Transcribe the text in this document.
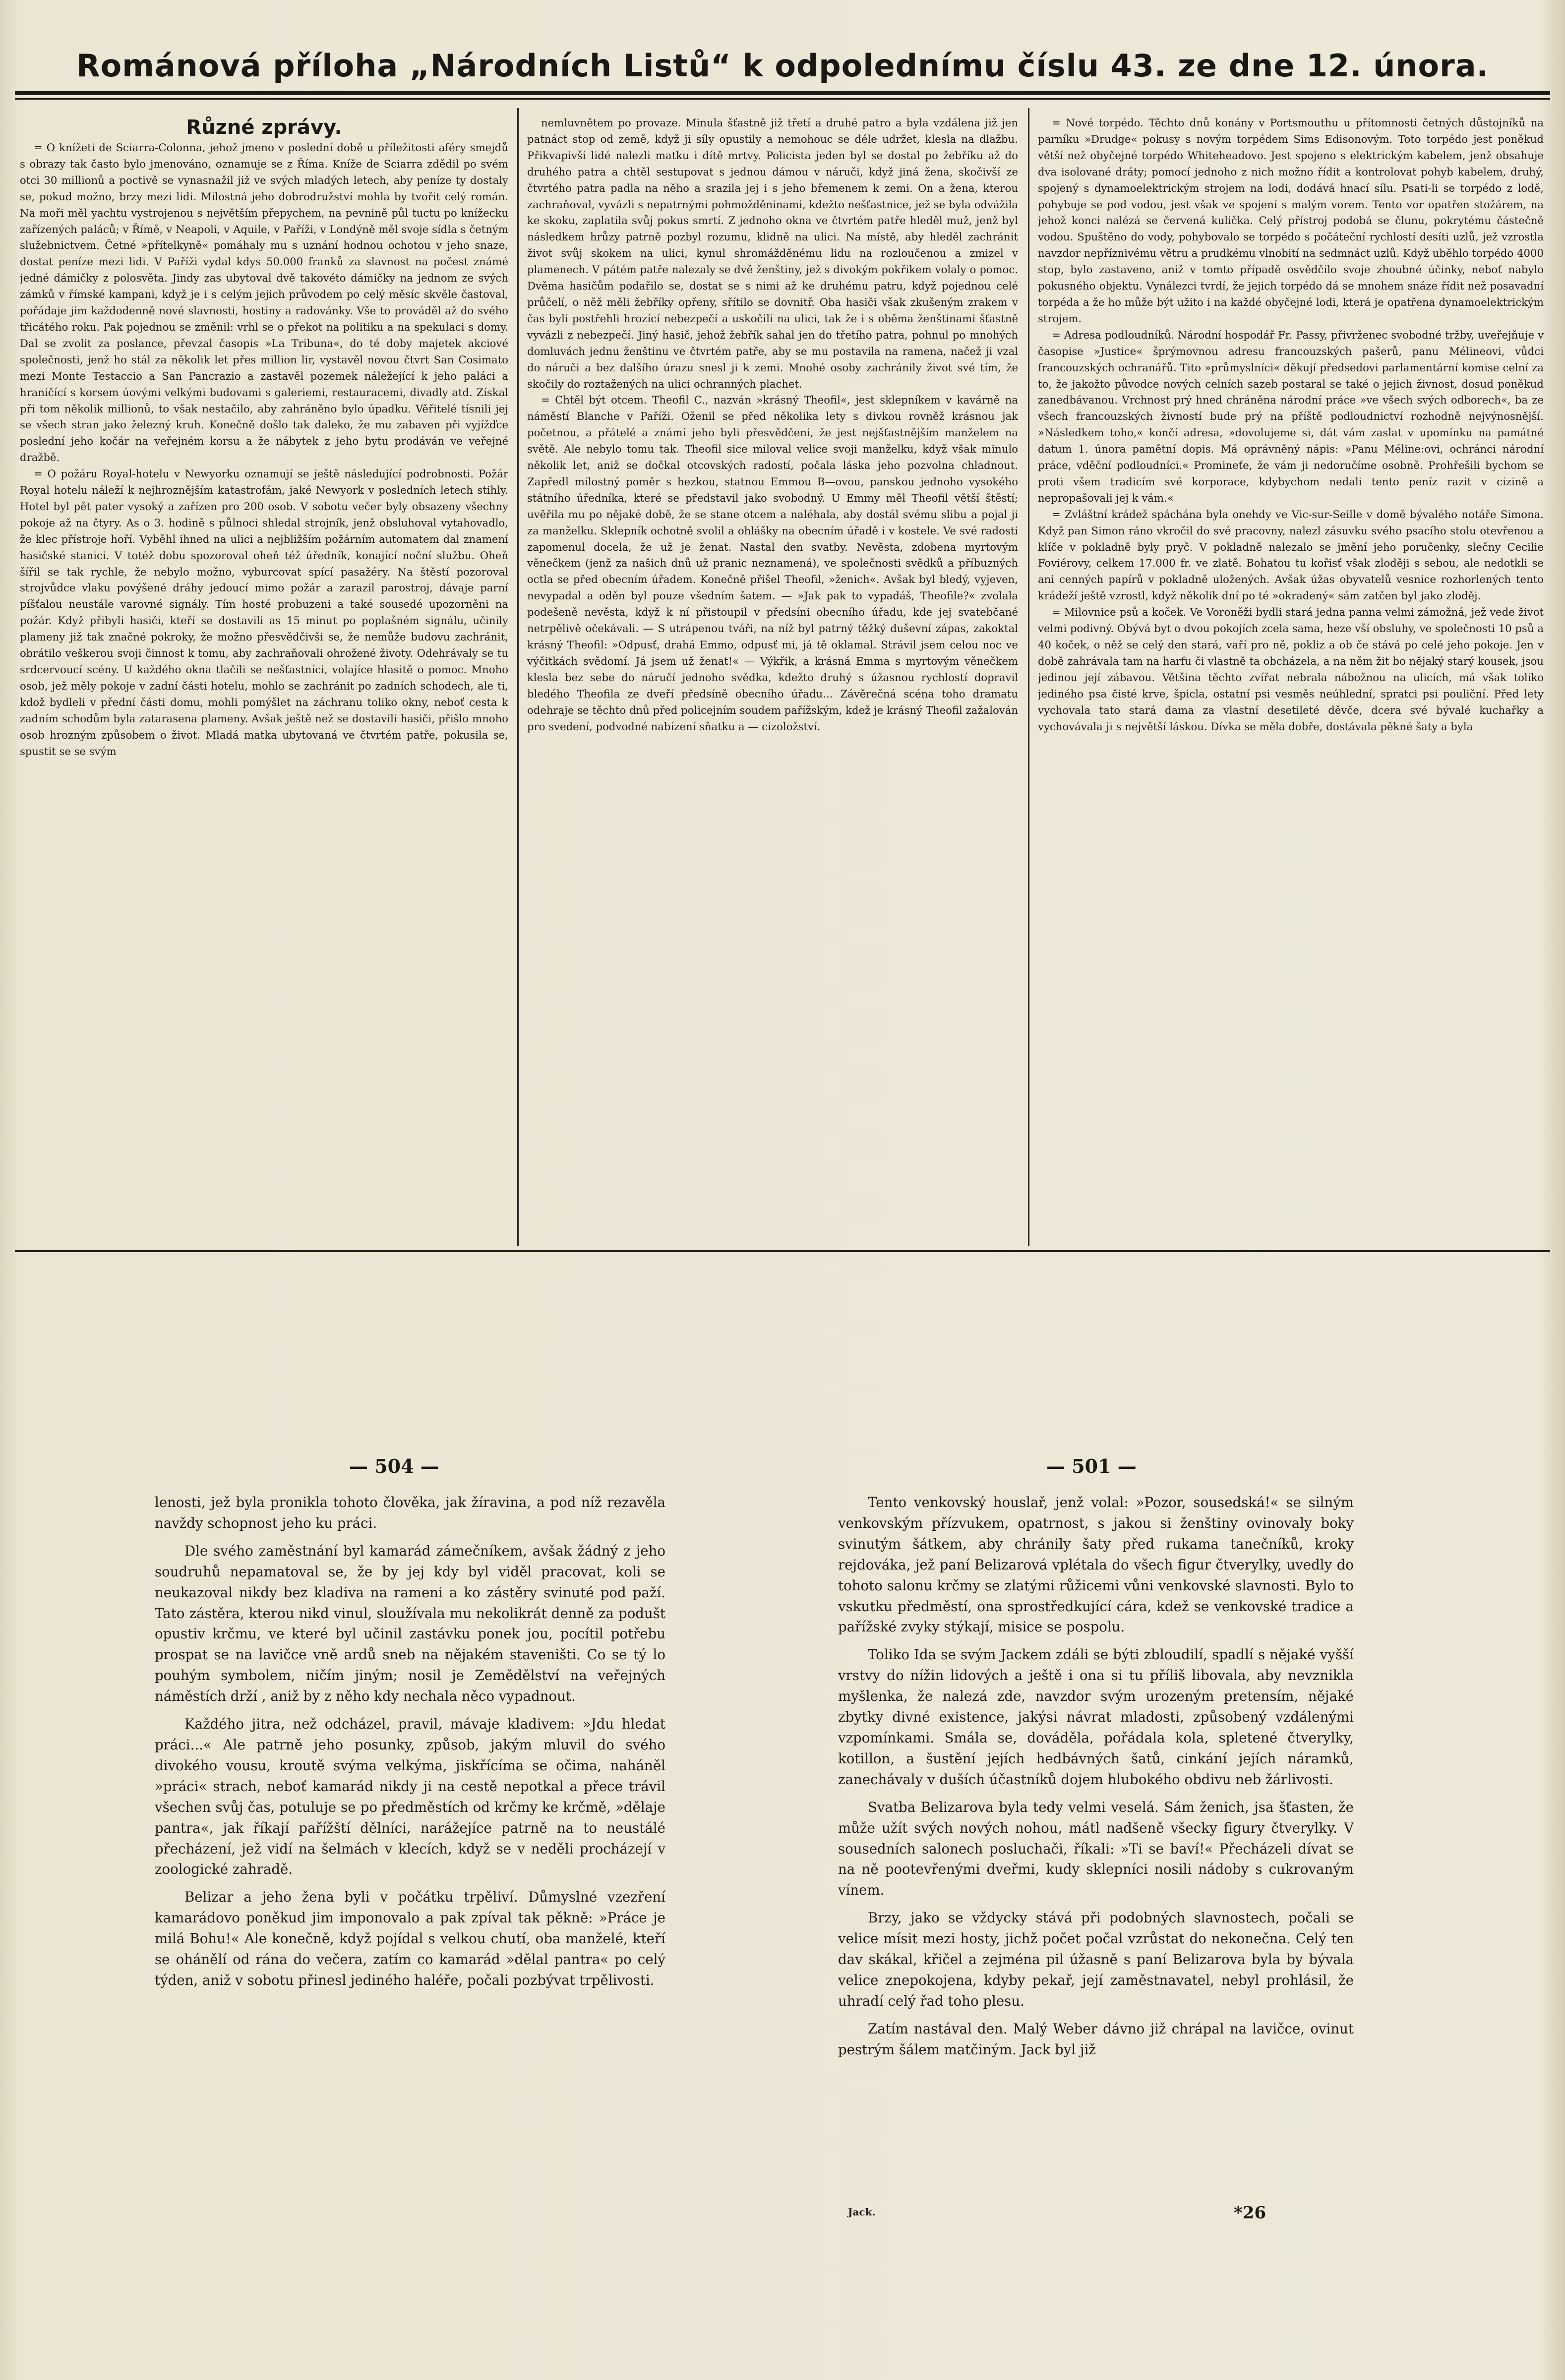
Románová příloha „Národních Listů“ k odpolednímu číslu 43. ze dne 12. února.

Různé zprávy.

= O knížeti de Sciarra-Colonna, jehož jmeno v poslední době u příležitosti aféry smejdů s obrazy tak často bylo jmenováno, oznamuje se z Říma. Kníže de Sciarra zdědil po svém otci 30 millionů a poctivě se vynasnažil již ve svých mladých letech, aby peníze ty dostaly se, pokud možno, brzy mezi lidi. Milostná jeho dobrodružství mohla by tvořit celý román. Na moři měl yachtu vystrojenou s největším přepychem, na pevnině půl tuctu po knížecku zařízených paláců; v Římě, v Neapoli, v Aquile, v Paříži, v Londýně měl svoje sídla s četným služebnictvem. Četné »přítelkyně« pomáhaly mu s uznání hodnou ochotou v jeho snaze, dostat peníze mezi lidi. V Paříži vydal kdys 50.000 franků za slavnost na počest známé jedné dámičky z polosvěta. Jindy zas ubytoval dvě takovéto dámičky na jednom ze svých zámků v římské kampani, když je i s celým jejich průvodem po celý měsíc skvěle častoval, pořádaje jim každodenně nové slavnosti, hostiny a radovánky. Vše to prováděl až do svého třicátého roku. Pak pojednou se změnil: vrhl se o překot na politiku a na spekulaci s domy. Dal se zvolit za poslance, převzal časopis »La Tribuna«, do té doby majetek akciové společnosti, jenž ho stál za několik let přes million lir, vystavěl novou čtvrt San Cosimato mezi Monte Testaccio a San Pancrazio a zastavěl pozemek náležející k jeho paláci a hraničící s korsem úovými velkými budovami s galeriemi, restauracemi, divadly atd. Získal při tom několik millionů, to však nestačilo, aby zahráněno bylo úpadku. Věřitelé tísnili jej se všech stran jako železný kruh. Konečně došlo tak daleko, že mu zabaven při vyjížďce poslední jeho kočár na veřejném korsu a že nábytek z jeho bytu prodáván ve veřejné dražbě.

= O požáru Royal-hotelu v Newyorku oznamují se ještě následující podrobnosti. Požár Royal hotelu náleží k nejhroznějším katastrofám, jaké Newyork v posledních letech stihly. Hotel byl pět pater vysoký a zařízen pro 200 osob. V sobotu večer byly obsazeny všechny pokoje až na čtyry. As o 3. hodině s půlnoci shledal strojník, jenž obsluhoval vytahovadlo, že klec přístroje hoří. Vyběhl ihned na ulici a nejbližším požárním automatem dal znamení hasičské stanici. V totéž dobu spozoroval oheň též úředník, konající noční službu. Oheň šířil se tak rychle, že nebylo možno, vyburcovat spící pasažéry. Na štěstí pozoroval strojvůdce vlaku povýšené dráhy jedoucí mimo požár a zarazil parostroj, dávaje parní píšťalou neustále varovné signály. Tím hosté probuzeni a také sousedé upozorněni na požár. Když přibyli hasiči, kteří se dostavili as 15 minut po poplašném signálu, učinily plameny již tak značné pokroky, že možno přesvědčivši se, že nemůže budovu zachránit, obrátilo veškerou svoji činnost k tomu, aby zachraňovali ohrožené životy. Odehrávaly se tu srdcervoucí scény. U každého okna tlačili se nešťastníci, volajíce hlasitě o pomoc. Mnoho osob, jež měly pokoje v zadní části hotelu, mohlo se zachránit po zadních schodech, ale ti, kdož bydleli v přední části domu, mohli pomýšlet na záchranu toliko okny, neboť cesta k zadním schodům byla zatarasena plameny. Avšak ještě než se dostavili hasiči, přišlo mnoho osob hrozným způsobem o život. Mladá matka ubytovaná ve čtvrtém patře, pokusila se, spustit se se svým

nemluvnětem po provaze. Minula šťastně již třetí a druhé patro a byla vzdálena již jen patnáct stop od země, když ji síly opustily a nemohouc se déle udržet, klesla na dlažbu. Přikvapivší lidé nalezli matku i dítě mrtvy. Policista jeden byl se dostal po žebříku až do druhého patra a chtěl sestupovat s jednou dámou v náruči, když jiná žena, skočivší ze čtvrtého patra padla na něho a srazila jej i s jeho břemenem k zemi. On a žena, kterou zachraňoval, vyvázli s nepatrnými pohmožděninami, kdežto nešťastnice, jež se byla odvážila ke skoku, zaplatila svůj pokus smrtí. Z jednoho okna ve čtvrtém patře hleděl muž, jenž byl následkem hrůzy patrně pozbyl rozumu, klidně na ulici. Na místě, aby hleděl zachránit život svůj skokem na ulici, kynul shromážděnému lidu na rozloučenou a zmizel v plamenech. V pátém patře nalezaly se dvě ženštiny, jež s divokým pokřikem volaly o pomoc. Dvěma hasičům podařilo se, dostat se s nimi až ke druhému patru, když pojednou celé průčelí, o něž měli žebříky opřeny, sřítilo se dovnitř. Oba hasiči však zkušeným zrakem v čas byli postřehli hrozící nebezpečí a uskočili na ulici, tak že i s oběma ženštinami šťastně vyvázli z nebezpečí. Jiný hasič, jehož žebřík sahal jen do třetího patra, pohnul po mnohých domluvách jednu ženštinu ve čtvrtém patře, aby se mu postavila na ramena, načež ji vzal do náruči a bez dalšího úrazu snesl ji k zemi. Mnohé osoby zachránily život své tím, že skočily do roztažených na ulici ochranných plachet.

= Chtěl být otcem. Theofil C., nazván »krásný Theofil«, jest sklepníkem v kavárně na náměstí Blanche v Paříži. Oženil se před několika lety s divkou rovněž krásnou jak početnou, a přátelé a známí jeho byli přesvědčeni, že jest nejšťastnějším manželem na světě. Ale nebylo tomu tak. Theofil sice miloval velice svoji manželku, když však minulo několik let, aniž se dočkal otcovských radostí, počala láska jeho pozvolna chladnout. Zapředl milostný poměr s hezkou, statnou Emmou B—ovou, panskou jednoho vysokého státního úředníka, které se představil jako svobodný. U Emmy měl Theofil větší štěstí; uvěřila mu po nějaké době, že se stane otcem a naléhala, aby dostál svému slibu a pojal ji za manželku. Sklepník ochotně svolil a ohlášky na obecním úřadě i v kostele. Ve své radosti zapomenul docela, že už je ženat. Nastal den svatby. Nevěsta, zdobena myrtovým věnečkem (jenž za našich dnů už pranic neznamená), ve společnosti svědků a příbuzných octla se před obecním úřadem. Konečně přišel Theofil, »ženich«. Avšak byl bledý, vyjeven, nevypadal a oděn byl pouze všedním šatem. — »Jak pak to vypadáš, Theofile?« zvolala podešeně nevěsta, když k ní přistoupil v předsíni obecního úřadu, kde jej svatebčané netrpělivě očekávali. — S utrápenou tváři, na níž byl patrný těžký duševní zápas, zakoktal krásný Theofil: »Odpusť, drahá Emmo, odpusť mi, já tě oklamal. Strávil jsem celou noc ve výčitkách svědomí. Já jsem už ženat!« — Výkřik, a krásná Emma s myrtovým věnečkem klesla bez sebe do náručí jednoho svědka, kdežto druhý s úžasnou rychlostí dopravil bledého Theofila ze dveří předsíně obecního úřadu... Závěrečná scéna toho dramatu odehraje se těchto dnů před policejním soudem pařížským, kdež je krásný Theofil zažalován pro svedení, podvodné nabízení sňatku a — cizoložství.

= Nové torpédo. Těchto dnů konány v Portsmouthu u přítomnosti četných důstojníků na parníku »Drudge« pokusy s novým torpédem Sims Edisonovým. Toto torpédo jest poněkud větší než obyčejné torpédo Whiteheadovo. Jest spojeno s elektrickým kabelem, jenž obsahuje dva isolované dráty; pomocí jednoho z nich možno řídit a kontrolovat pohyb kabelem, druhý, spojený s dynamoelektrickým strojem na lodi, dodává hnací sílu. Psati-li se torpédo z lodě, pohybuje se pod vodou, jest však ve spojení s malým vorem. Tento vor opatřen stožárem, na jehož konci nalézá se červená kulička. Celý přístroj podobá se člunu, pokrytému částečně vodou. Spuštěno do vody, pohybovalo se torpédo s počáteční rychlostí desíti uzlů, jež vzrostla navzdor nepříznivému větru a prudkému vlnobití na sedmnáct uzlů. Když uběhlo torpédo 4000 stop, bylo zastaveno, aniž v tomto případě osvědčilo svoje zhoubné účinky, neboť nabylo pokusného objektu. Vynálezci tvrdí, že jejich torpédo dá se mnohem snáze řídit než posavadní torpéda a že ho může být užito i na každé obyčejné lodi, která je opatřena dynamoelektrickým strojem.

= Adresa podloudníků. Národní hospodář Fr. Passy, přivrženec svobodné tržby, uveřejňuje v časopise »Justice« šprýmovnou adresu francouzských pašerů, panu Mélineovi, vůdci francouzských ochranářů. Tito »průmyslníci« děkují předsedovi parlamentární komise celní za to, že jakožto původce nových celních sazeb postaral se také o jejich živnost, dosud poněkud zanedbávanou. Vrchnost prý hned chráněna národní práce »ve všech svých odborech«, ba ze všech francouzských živností bude prý na příště podloudnictví rozhodně nejvýnosnější. »Následkem toho,« končí adresa, »dovolujeme si, dát vám zaslat v upomínku na památné datum 1. února pamětní dopis. Má oprávněný nápis: »Panu Méline:ovi, ochránci národní práce, vděční podloudníci.« Promineťe, že vám ji nedoručíme osobně. Prohřešili bychom se proti všem tradicím své korporace, kdybychom nedali tento peníz razit v cizině a nepropašovali jej k vám.«

= Zvláštní krádež spáchána byla onehdy ve Vic-sur-Seille v domě bývalého notáře Simona. Když pan Simon ráno vkročil do své pracovny, nalezl zásuvku svého psacího stolu otevřenou a klíče v pokladně byly pryč. V pokladně nalezalo se jmění jeho poručenky, slečny Cecilie Foviérovy, celkem 17.000 fr. ve zlatě. Bohatou tu kořisť však zloději s sebou, ale nedotkli se ani cenných papírů v pokladně uložených. Avšak úžas obyvatelů vesnice rozhorlených tento krádeží ještě vzrostl, když několik dní po té »okradený« sám zatčen byl jako zloděj.

= Milovnice psů a koček. Ve Voroněži bydli stará jedna panna velmi zámožná, jež vede život velmi podivný. Obývá byt o dvou pokojích zcela sama, heze vší obsluhy, ve společnosti 10 psů a 40 koček, o něž se celý den stará, vaří pro ně, pokliz a ob če stává po celé jeho pokoje. Jen v době zahrávala tam na harfu či vlastně ta obcházela, a na něm žit bo nějaký starý kousek, jsou jedinou její zábavou. Většina těchto zvířat nebrala nábožnou na ulicích, má však toliko jediného psa čisté krve, špicla, ostatní psi vesměs neúhlední, spratci psi pouliční. Před lety vychovala tato stará dama za vlastní desetileté děvče, dcera své bývalé kuchařky a vychovávala ji s největší láskou. Dívka se měla dobře, dostávala pěkné šaty a byla

— 504 —	— 501 —

lenosti, jež byla pronikla tohoto člověka, jak žíravina, a pod níž rezavěla navždy schopnost jeho ku práci.

Dle svého zaměstnání byl kamarád zámečníkem, avšak žádný z jeho soudruhů nepamatoval se, že by jej kdy byl viděl pracovat, koli se neukazoval nikdy bez kladiva na rameni a ko zástěry svinuté pod paží. Tato zástěra, kterou nikd vinul, sloužívala mu nekolikrát denně za podušt opustiv krčmu, ve které byl učinil zastávku ponek jou, pocítil potřebu prospat se na lavičce vně ardů sneb na nějakém staveništi. Co se tý lo pouhým symbolem, ničím jiným; nosil je Zemědělství na veřejných náměstích drží , aniž by z něho kdy nechala něco vypadnout.

Každého jitra, než odcházel, pravil, mávaje kladivem: »Jdu hledat práci...« Ale patrně jeho posunky, způsob, jakým mluvil do svého divokého vousu, kroutě svýma velkýma, jiskřícíma se očima, naháněl »práci« strach, neboť kamarád nikdy ji na cestě nepotkal a přece trávil všechen svůj čas, potuluje se po předměstích od krčmy ke krčmě, »dělaje pantra«, jak říkají pařížští dělníci, narážejíce patrně na to neustálé přecházení, jež vidí na šelmách v klecích, když se v neděli procházejí v zoologické zahradě.

Belizar a jeho žena byli v počátku trpěliví. Důmyslné vzezření kamarádovo poněkud jim imponovalo a pak zpíval tak pěkně: »Práce je milá Bohu!« Ale konečně, když pojídal s velkou chutí, oba manželé, kteří se ohánělí od rána do večera, zatím co kamarád »dělal pantra« po celý týden, aniž v sobotu přinesl jediného haléře, počali pozbývat trpělivosti.

Tento venkovský houslař, jenž volal: »Pozor, sousedská!« se silným venkovským přízvukem, opatrnost, s jakou si ženštiny ovinovaly boky svinutým šátkem, aby chránily šaty před rukama tanečníků, kroky rejdováka, jež paní Belizarová vplétala do všech figur čtverylky, uvedly do tohoto salonu krčmy se zlatými růžicemi vůni venkovské slavnosti. Bylo to vskutku předměstí, ona sprostředkující cára, kdež se venkovské tradice a pařížské zvyky stýkají, misice se pospolu.

Toliko Ida se svým Jackem zdáli se býti zbloudilí, spadlí s nějaké vyšší vrstvy do nížin lidových a ještě i ona si tu příliš libovala, aby nevznikla myšlenka, že nalezá zde, navzdor svým urozeným pretensím, nějaké zbytky divné existence, jakýsi návrat mladosti, způsobený vzdálenými vzpomínkami. Smála se, dováděla, pořádala kola, spletené čtverylky, kotillon, a šustění jejích hedbávných šatů, cinkání jejích náramků, zanechávaly v duších účastníků dojem hlubokého obdivu neb žárlivosti.

Svatba Belizarova byla tedy velmi veselá. Sám ženich, jsa šťasten, že může užít svých nových nohou, mátl nadšeně všecky figury čtverylky. V sousedních salonech posluchači, říkali: »Ti se baví!« Přecházeli dívat se na ně pootevřenými dveřmi, kudy sklepníci nosili nádoby s cukrovaným vínem.

Brzy, jako se vždycky stává při podobných slavnostech, počali se velice mísit mezi hosty, jichž počet počal vzrůstat do nekonečna. Celý ten dav skákal, křičel a zejména pil úžasně s paní Belizarova byla by bývala velice znepokojena, kdyby pekař, její zaměstnavatel, nebyl prohlásil, že uhradí celý řad toho plesu.

Zatím nastával den. Malý Weber dávno již chrápal na lavičce, ovinut pestrým šálem matčiným. Jack byl již

Jack.	*26
